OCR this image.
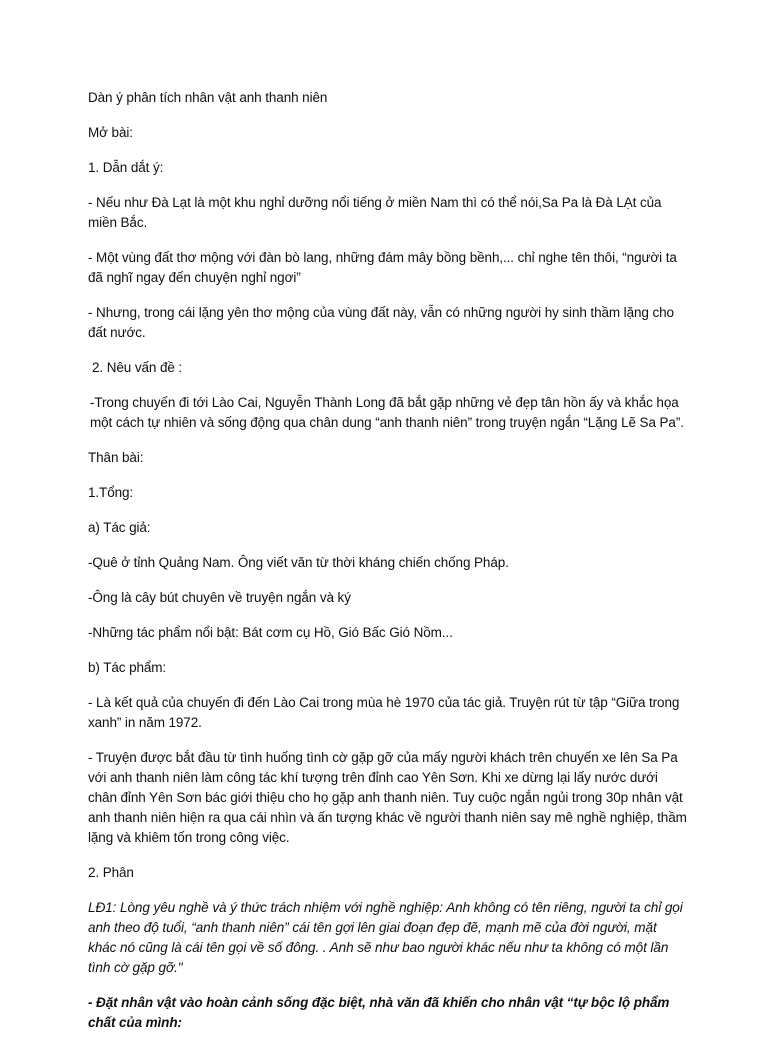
Dàn ý phân tích nhân vật anh thanh niên

Mở bài:

1. Dẫn dắt ý:

- Nếu như Đà Lạt là một khu nghỉ dưỡng nổi tiếng ở miền Nam thì có thể nói,Sa Pa là Đà LẠt của miền Bắc.

- Một vùng đất thơ mộng với đàn bò lang, những đám mây bồng bềnh,... chỉ nghe tên thôi, “người ta đã nghĩ ngay đến chuyện nghỉ ngơi”

- Nhưng, trong cái lặng yên thơ mộng của vùng đất này, vẫn có những người hy sinh thầm lặng cho đất nước.

2. Nêu vấn đề :

-Trong chuyến đi tới Lào Cai, Nguyễn Thành Long đã bắt gặp những vẻ đẹp tân hồn ấy và khắc họa một cách tự nhiên và sống động qua chân dung “anh thanh niên” trong truyện ngắn “Lặng Lẽ Sa Pa”.

Thân bài:

1.Tổng:

a) Tác giả:

-Quê ở tỉnh Quảng Nam. Ông viết văn từ thời kháng chiến chống Pháp.

-Ông là cây bút chuyên về truyện ngắn và ký

-Những tác phẩm nổi bật: Bát cơm cụ Hồ, Gió Bấc Gió Nồm...

b) Tác phẩm:

- Là kết quả của chuyến đi đến Lào Cai trong mùa hè 1970 của tác giả. Truyện rút từ tập “Giữa trong xanh” in năm 1972.

- Truyện được bắt đầu từ tình huống tình cờ gặp gỡ của mấy người khách trên chuyến xe lên Sa Pa với anh thanh niên làm công tác khí tượng trên đỉnh cao Yên Sơn. Khi xe dừng lại lấy nước dưới chân đỉnh Yên Sơn bác giới thiệu cho họ gặp anh thanh niên. Tuy cuộc ngắn ngủi trong 30p nhân vật anh thanh niên hiện ra qua cái nhìn và ấn tượng khác về người thanh niên say mê nghề nghiệp, thầm lặng và khiêm tốn trong công việc.

2. Phân

LĐ1: Lòng yêu nghề và ý thức trách nhiệm với nghề nghiệp: Anh không có tên riêng, người ta chỉ gọi anh theo độ tuổi, “anh thanh niên” cái tên gợi lên giai đoạn đẹp đẽ, mạnh mẽ của đời người, mặt khác nó cũng là cái tên gọi về số đông. . Anh sẽ như bao người khác nếu như ta không có một lần tình cờ gặp gỡ."

- Đặt nhân vật vào hoàn cảnh sống đặc biệt, nhà văn đã khiến cho nhân vật “tự bộc lộ phẩm chất của mình:
